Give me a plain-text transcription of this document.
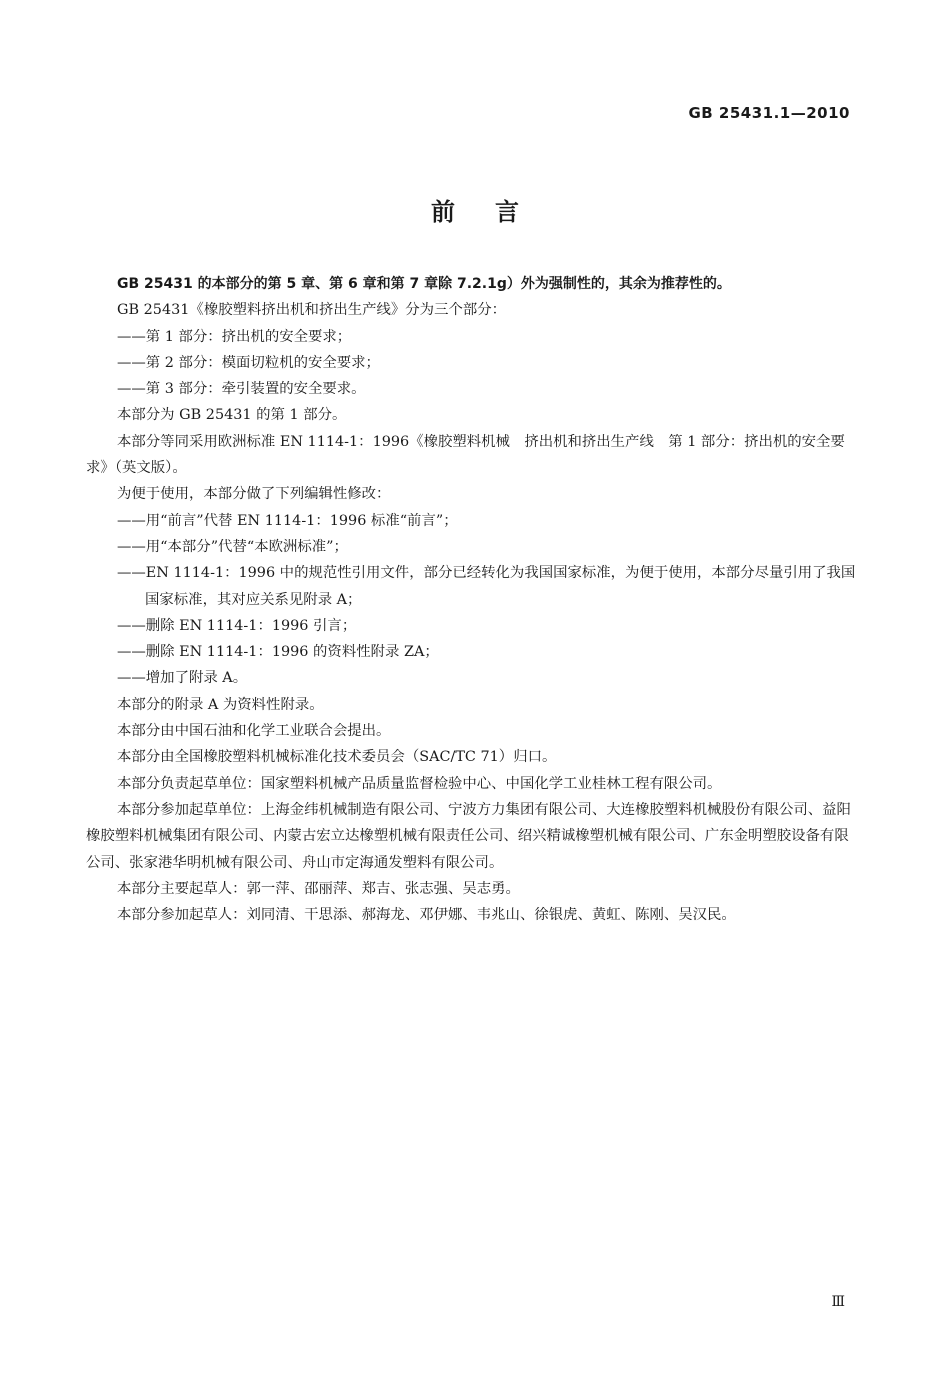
GB 25431.1—2010
前言

GB 25431 的本部分的第 5 章、第 6 章和第 7 章除 7.2.1g）外为强制性的，其余为推荐性的。

GB 25431《橡胶塑料挤出机和挤出生产线》分为三个部分：

——第 1 部分：挤出机的安全要求；

——第 2 部分：模面切粒机的安全要求；

——第 3 部分：牵引装置的安全要求。

本部分为 GB 25431 的第 1 部分。

本部分等同采用欧洲标准 EN 1114-1：1996《橡胶塑料机械　挤出机和挤出生产线　第 1 部分：挤出机的安全要求》（英文版）。

为便于使用，本部分做了下列编辑性修改：

——用“前言”代替 EN 1114-1：1996 标准“前言”；

——用“本部分”代替“本欧洲标准”；

——EN 1114-1：1996 中的规范性引用文件，部分已经转化为我国国家标准，为便于使用，本部分尽量引用了我国国家标准，其对应关系见附录 A；

——删除 EN 1114-1：1996 引言；

——删除 EN 1114-1：1996 的资料性附录 ZA；

——增加了附录 A。

本部分的附录 A 为资料性附录。

本部分由中国石油和化学工业联合会提出。

本部分由全国橡胶塑料机械标准化技术委员会（SAC/TC 71）归口。

本部分负责起草单位：国家塑料机械产品质量监督检验中心、中国化学工业桂林工程有限公司。

本部分参加起草单位：上海金纬机械制造有限公司、宁波方力集团有限公司、大连橡胶塑料机械股份有限公司、益阳橡胶塑料机械集团有限公司、内蒙古宏立达橡塑机械有限责任公司、绍兴精诚橡塑机械有限公司、广东金明塑胶设备有限公司、张家港华明机械有限公司、舟山市定海通发塑料有限公司。

本部分主要起草人：郭一萍、邵丽萍、郑吉、张志强、吴志勇。

本部分参加起草人：刘同清、干思添、郝海龙、邓伊娜、韦兆山、徐银虎、黄虹、陈刚、吴汉民。

Ⅲ
